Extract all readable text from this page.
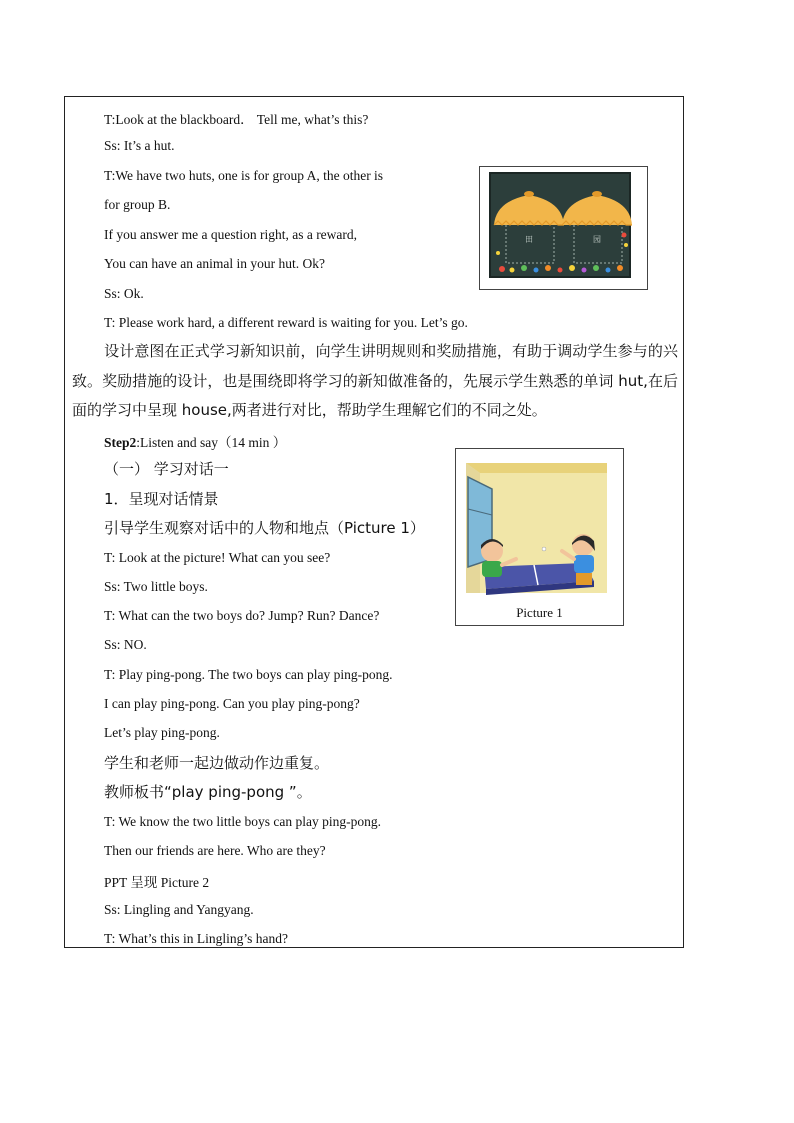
T:Look at the blackboard． Tell me, what’s this?
Ss: It’s a hut.
T:We have two huts, one is for group A, the other is
for group B.
If you answer me a question right, as a reward,
You can have an animal in your hut. Ok?
Ss: Ok.
T: Please work hard, a different reward is waiting for you. Let’s go.
设计意图在正式学习新知识前，向学生讲明规则和奖励措施，有助于调动学生参与的兴致。奖励措施的设计，也是围绕即将学习的新知做准备的，先展示学生熟悉的单词 hut,在后面的学习中呈现 house,两者进行对比，帮助学生理解它们的不同之处。
Step2:Listen and say（14 min ）
（一） 学习对话一
1．呈现对话情景
引导学生观察对话中的人物和地点（Picture 1）
T: Look at the picture! What can you see?
Ss: Two little boys.
T: What can the two boys do? Jump? Run? Dance?
Ss: NO.
T: Play ping-pong. The two boys can play ping-pong.
I can play ping-pong. Can you play ping-pong?
Let’s play ping-pong.
学生和老师一起边做动作边重复。
教师板书“play ping-pong ”。
T: We know the two little boys can play ping-pong.
Then our friends are here. Who are they?
PPT 呈现 Picture 2
Ss: Lingling and Yangyang.
T: What’s this in Lingling’s hand?
田	园
Picture 1
